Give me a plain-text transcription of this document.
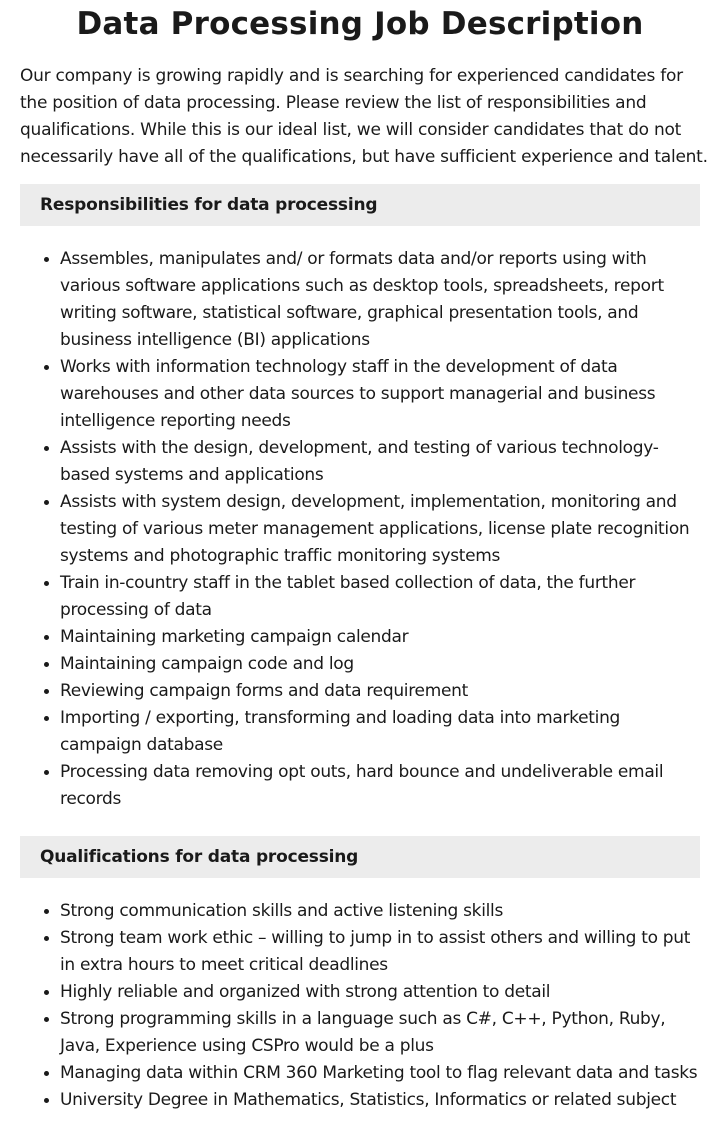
Data Processing Job Description

Our company is growing rapidly and is searching for experienced candidates for
the position of data processing. Please review the list of responsibilities and
qualifications. While this is our ideal list, we will consider candidates that do not
necessarily have all of the qualifications, but have sufficient experience and talent.

Responsibilities for data processing
• Assembles, manipulates and/ or formats data and/or reports using with various software applications such as desktop tools, spreadsheets, report writing software, statistical software, graphical presentation tools, and business intelligence (BI) applications
• Works with information technology staff in the development of data warehouses and other data sources to support managerial and business intelligence reporting needs
• Assists with the design, development, and testing of various technology-based systems and applications
• Assists with system design, development, implementation, monitoring and testing of various meter management applications, license plate recognition systems and photographic traffic monitoring systems
• Train in-country staff in the tablet based collection of data, the further processing of data
• Maintaining marketing campaign calendar
• Maintaining campaign code and log
• Reviewing campaign forms and data requirement
• Importing / exporting, transforming and loading data into marketing campaign database
• Processing data removing opt outs, hard bounce and undeliverable email records
Qualifications for data processing
• Strong communication skills and active listening skills
• Strong team work ethic – willing to jump in to assist others and willing to put in extra hours to meet critical deadlines
• Highly reliable and organized with strong attention to detail
• Strong programming skills in a language such as C#, C++, Python, Ruby, Java, Experience using CSPro would be a plus
• Managing data within CRM 360 Marketing tool to flag relevant data and tasks
• University Degree in Mathematics, Statistics, Informatics or related subject
